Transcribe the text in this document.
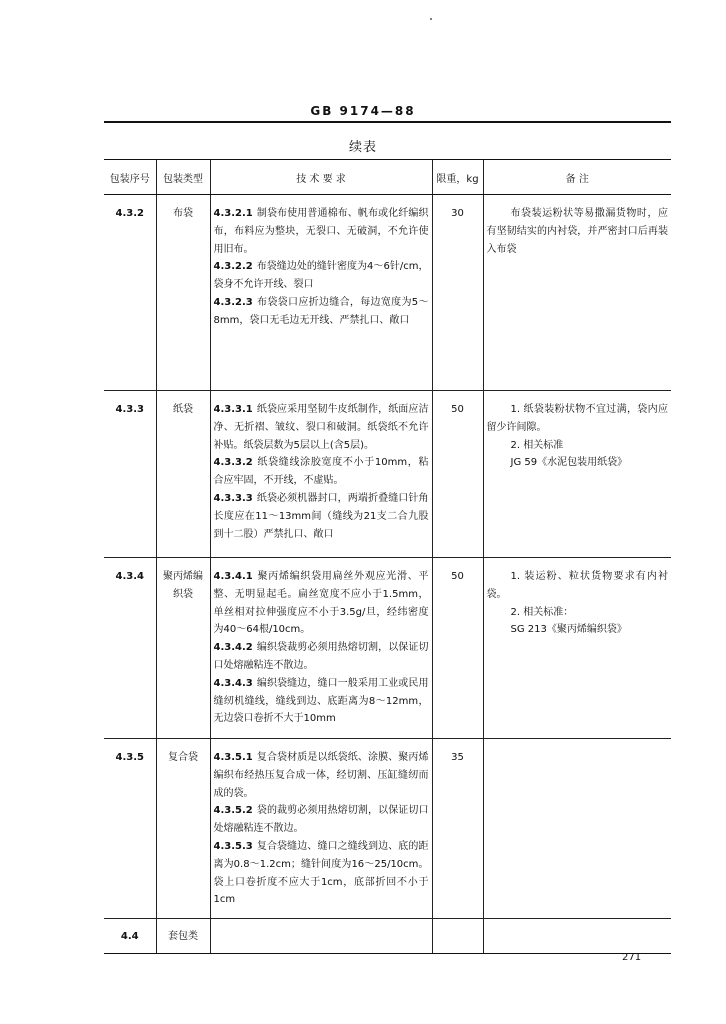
GB 9174—88
续表
包装序号	包装类型	技 术 要 求	限重，kg	备 注
4.3.2	布袋	4.3.2.1 制袋布使用普通棉布、帆布或化纤编织布，布料应为整块，无裂口、无破洞，不允许使用旧布。
4.3.2.2 布袋缝边处的缝针密度为4～6针/cm，袋身不允许开线、裂口
4.3.2.3 布袋袋口应折边缝合，每边宽度为5～8mm，袋口无毛边无开线、严禁扎口、敞口	30	布袋装运粉状等易撒漏货物时，应有坚韧结实的内衬袋，并严密封口后再装入布袋

4.3.3	纸袋	4.3.3.1 纸袋应采用坚韧牛皮纸制作，纸面应洁净、无折褶、皱纹、裂口和破洞。纸袋纸不允许补贴。纸袋层数为5层以上(含5层)。
4.3.3.2 纸袋缝线涂胶宽度不小于10mm，粘合应牢固，不开线，不虚贴。
4.3.3.3 纸袋必须机器封口，两端折叠缝口针角长度应在11～13mm间（缝线为21支二合九股到十二股）严禁扎口、敞口	50	1. 纸袋装粉状物不宜过满，袋内应留少许间隙。
2. 相关标准
JG 59《水泥包装用纸袋》

4.3.4	聚丙烯编织袋	4.3.4.1 聚丙烯编织袋用扁丝外观应光滑、平整、无明显起毛。扁丝宽度不应小于1.5mm，单丝相对拉伸强度应不小于3.5g/旦，经纬密度为40～64根/10cm。
4.3.4.2 编织袋裁剪必须用热熔切割，以保证切口处熔融粘连不散边。
4.3.4.3 编织袋缝边，缝口一般采用工业或民用缝纫机缝线，缝线到边、底距离为8～12mm，无边袋口卷折不大于10mm	50	1. 装运粉、粒状货物要求有内衬袋。
2. 相关标准：
SG 213《聚丙烯编织袋》

4.3.5	复合袋	4.3.5.1 复合袋材质是以纸袋纸、涂膜、聚丙烯编织布经热压复合成一体，经切割、压缸缝纫而成的袋。
4.3.5.2 袋的裁剪必须用热熔切割，以保证切口处熔融粘连不散边。
4.3.5.3 复合袋缝边、缝口之缝线到边、底的距离为0.8～1.2cm；缝针间度为16～25/10cm。袋上口卷折度不应大于1cm，底部折回不小于1cm	35	
4.4	套包类			
271
